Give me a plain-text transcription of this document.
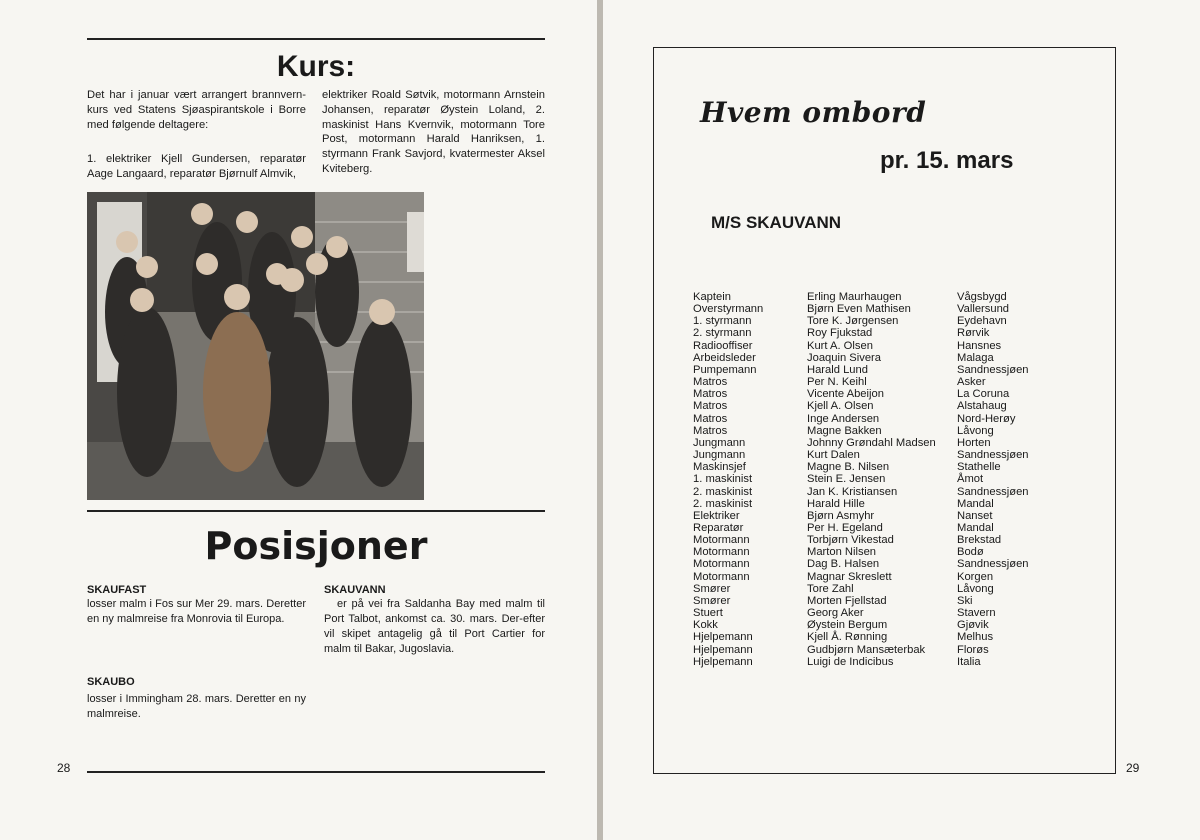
Kurs:

Det har i januar vært arrangert brannvern-kurs ved Statens Sjøaspirantskole i Borre med følgende deltagere:

1. elektriker Kjell Gundersen, reparatør Aage Langaard, reparatør Bjørnulf Almvik,

elektriker Roald Søtvik, motormann Arnstein Johansen, reparatør Øystein Loland, 2. maskinist Hans Kvernvik, motormann Tore Post, motormann Harald Hanriksen, 1. styrmann Frank Savjord, kvatermester Aksel Kviteberg.

Posisjoner

SKAUFAST

losser malm i Fos sur Mer 29. mars. Deretter en ny malmreise fra Monrovia til Europa.

SKAUBO

losser i Immingham 28. mars. Deretter en ny malmreise.

SKAUVANN

er på vei fra Saldanha Bay med malm til Port Talbot, ankomst ca. 30. mars. Der-efter vil skipet antagelig gå til Port Cartier for malm til Bakar, Jugoslavia.

28
Hvem ombord
pr. 15. mars
M/S SKAUVANN
Kaptein
Overstyrmann
1. styrmann
2. styrmann
Radiooffiser
Arbeidsleder
Pumpemann
Matros
Matros
Matros
Matros
Matros
Jungmann
Jungmann
Maskinsjef
1. maskinist
2. maskinist
2. maskinist
Elektriker
Reparatør
Motormann
Motormann
Motormann
Motormann
Smører
Smører
Stuert
Kokk
Hjelpemann
Hjelpemann
Hjelpemann
Erling Maurhaugen
Bjørn Even Mathisen
Tore K. Jørgensen
Roy Fjukstad
Kurt A. Olsen
Joaquin Sivera
Harald Lund
Per N. Keihl
Vicente Abeijon
Kjell A. Olsen
Inge Andersen
Magne Bakken
Johnny Grøndahl Madsen
Kurt Dalen
Magne B. Nilsen
Stein E. Jensen
Jan K. Kristiansen
Harald Hille
Bjørn Asmyhr
Per H. Egeland
Torbjørn Vikestad
Marton Nilsen
Dag B. Halsen
Magnar Skreslett
Tore Zahl
Morten Fjellstad
Georg Aker
Øystein Bergum
Kjell Å. Rønning
Gudbjørn Mansæterbak
Luigi de Indicibus
Vågsbygd
Vallersund
Eydehavn
Rørvik
Hansnes
Malaga
Sandnessjøen
Asker
La Coruna
Alstahaug
Nord-Herøy
Låvong
Horten
Sandnessjøen
Stathelle
Åmot
Sandnessjøen
Mandal
Nanset
Mandal
Brekstad
Bodø
Sandnessjøen
Korgen
Låvong
Ski
Stavern
Gjøvik
Melhus
Florøs
Italia
29
